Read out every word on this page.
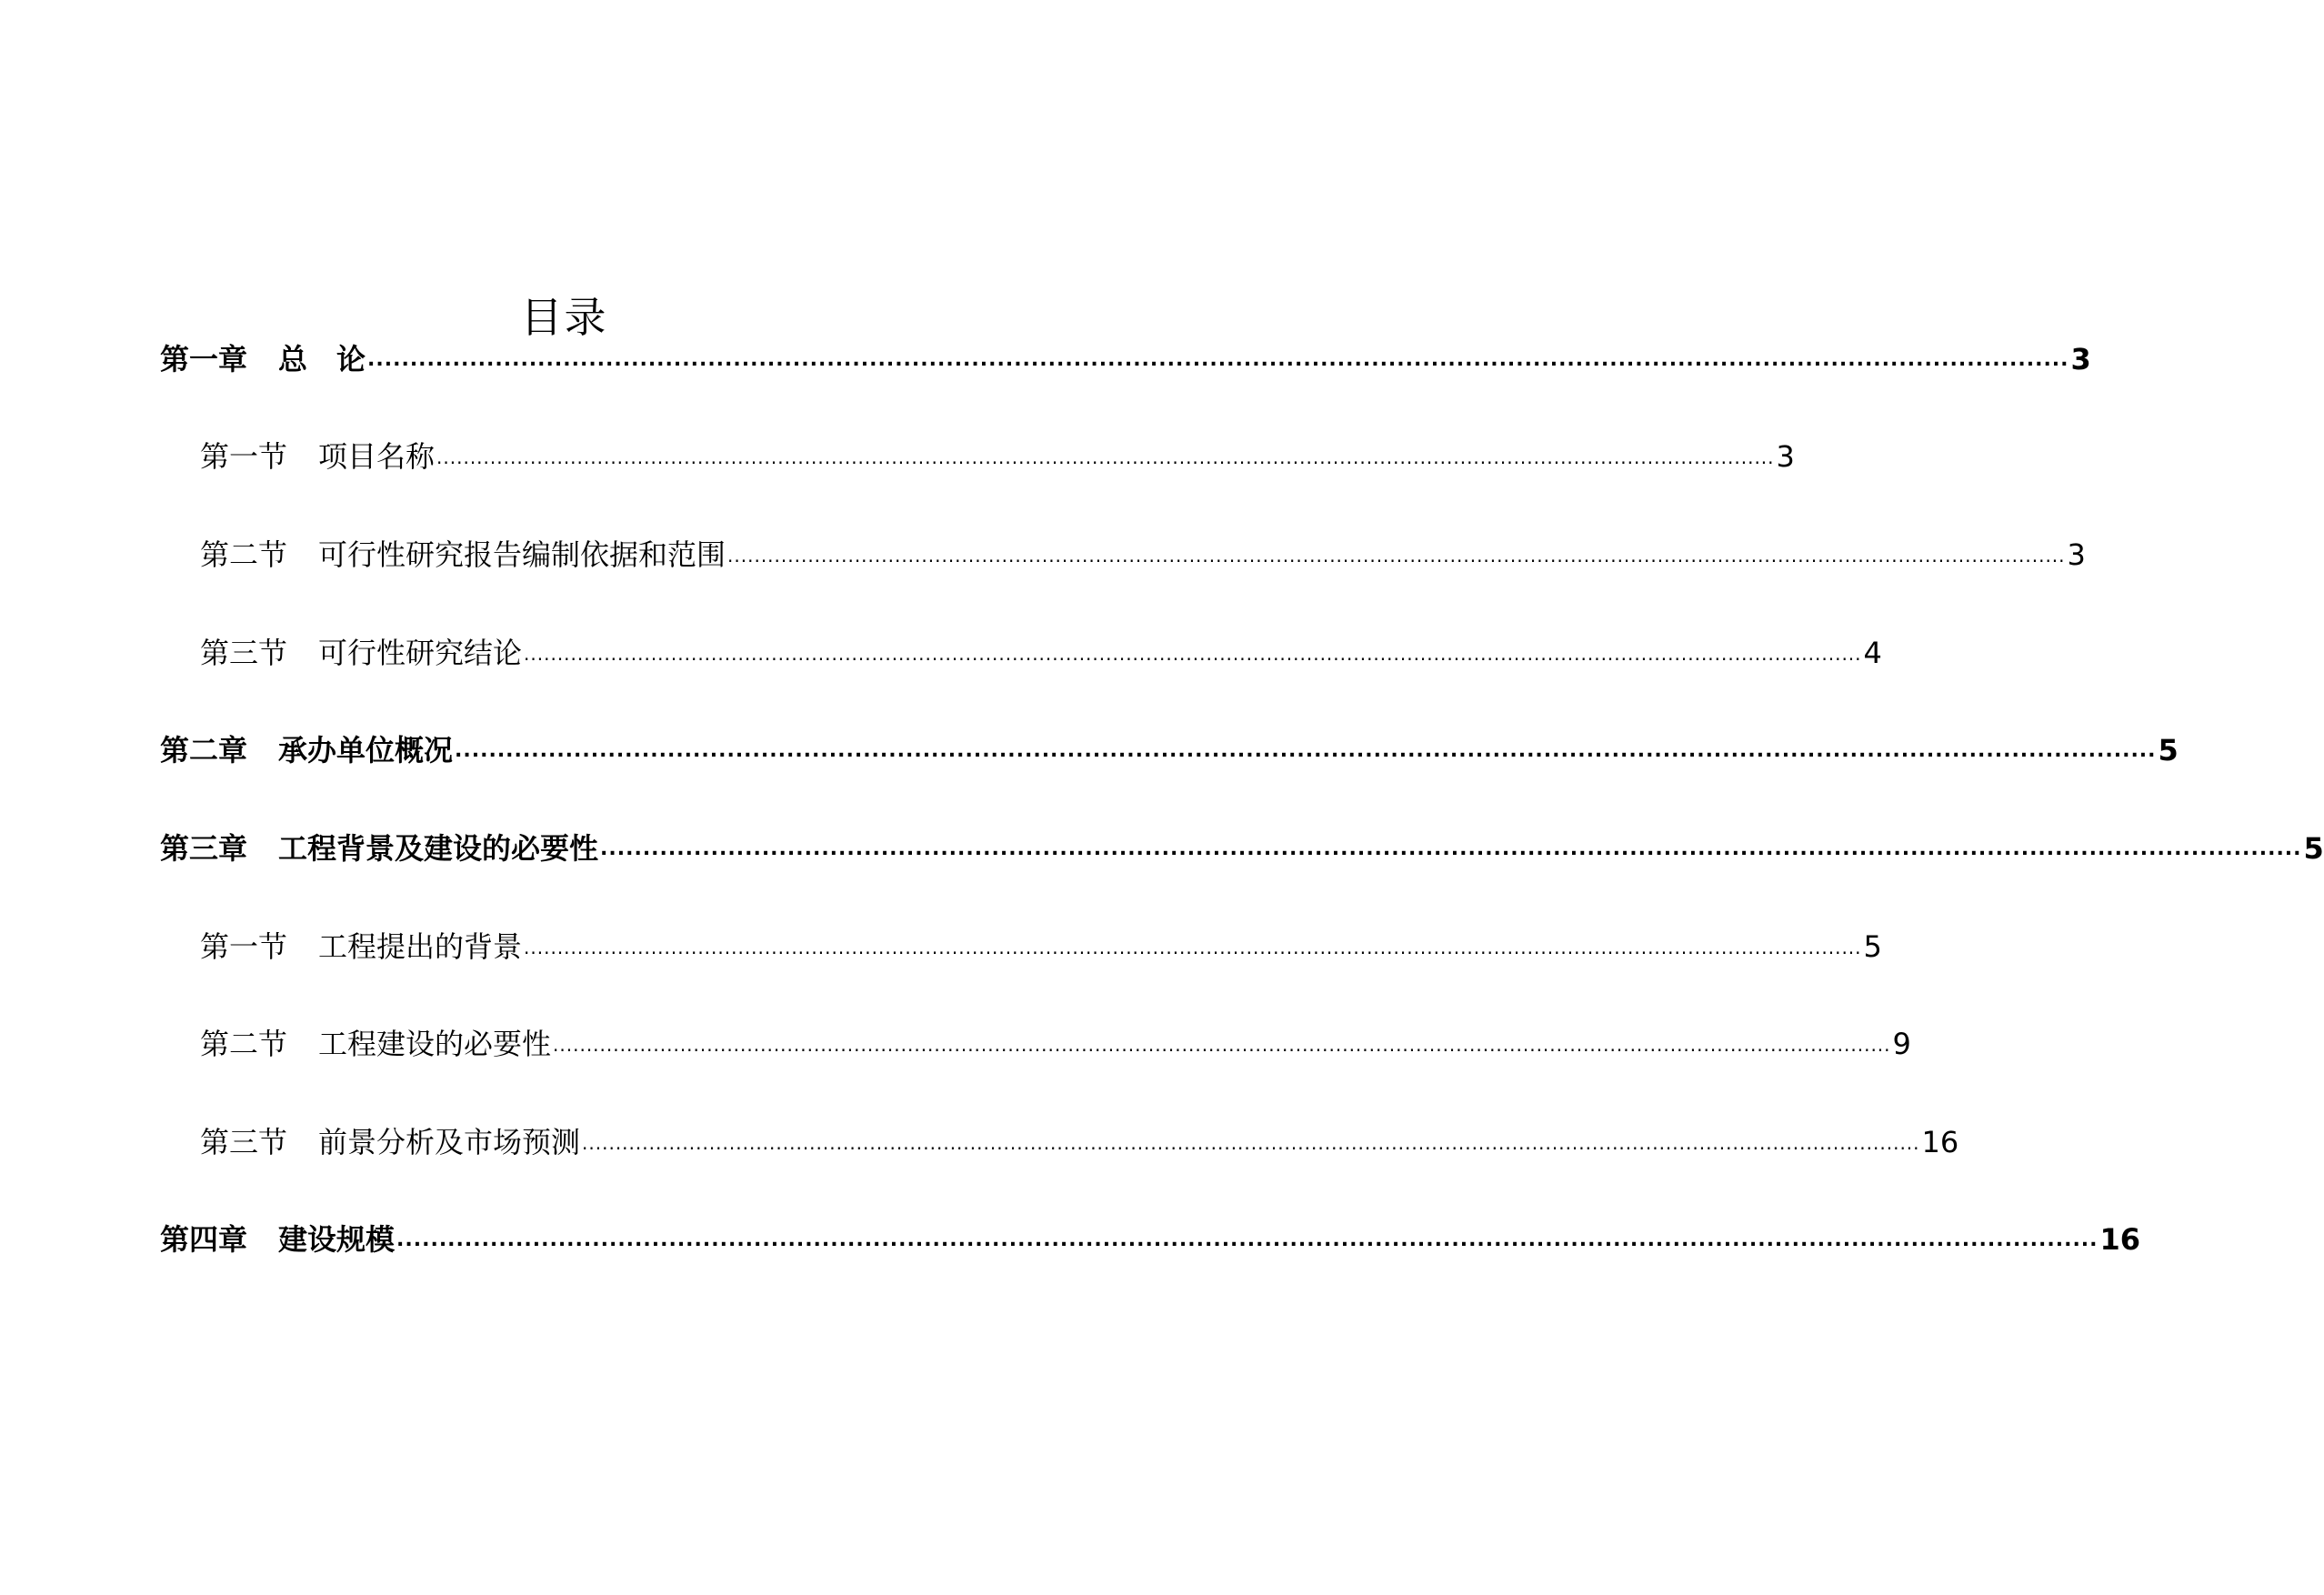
目录
第一章 总　论 ........................................................................................................................................................................................................ 3
第一节 项目名称 ........................................................................................................................................................................................................ 3
第二节 可行性研究报告编制依据和范围 ........................................................................................................................................................................................................ 3
第三节 可行性研究结论 ........................................................................................................................................................................................................ 4
第二章 承办单位概况 ........................................................................................................................................................................................................ 5
第三章 工程背景及建设的必要性 ........................................................................................................................................................................................................ 5
第一节 工程提出的背景 ........................................................................................................................................................................................................ 5
第二节 工程建设的必要性 ........................................................................................................................................................................................................ 9
第三节 前景分析及市场预测 ........................................................................................................................................................................................................ 16
第四章 建设规模 ........................................................................................................................................................................................................ 16
